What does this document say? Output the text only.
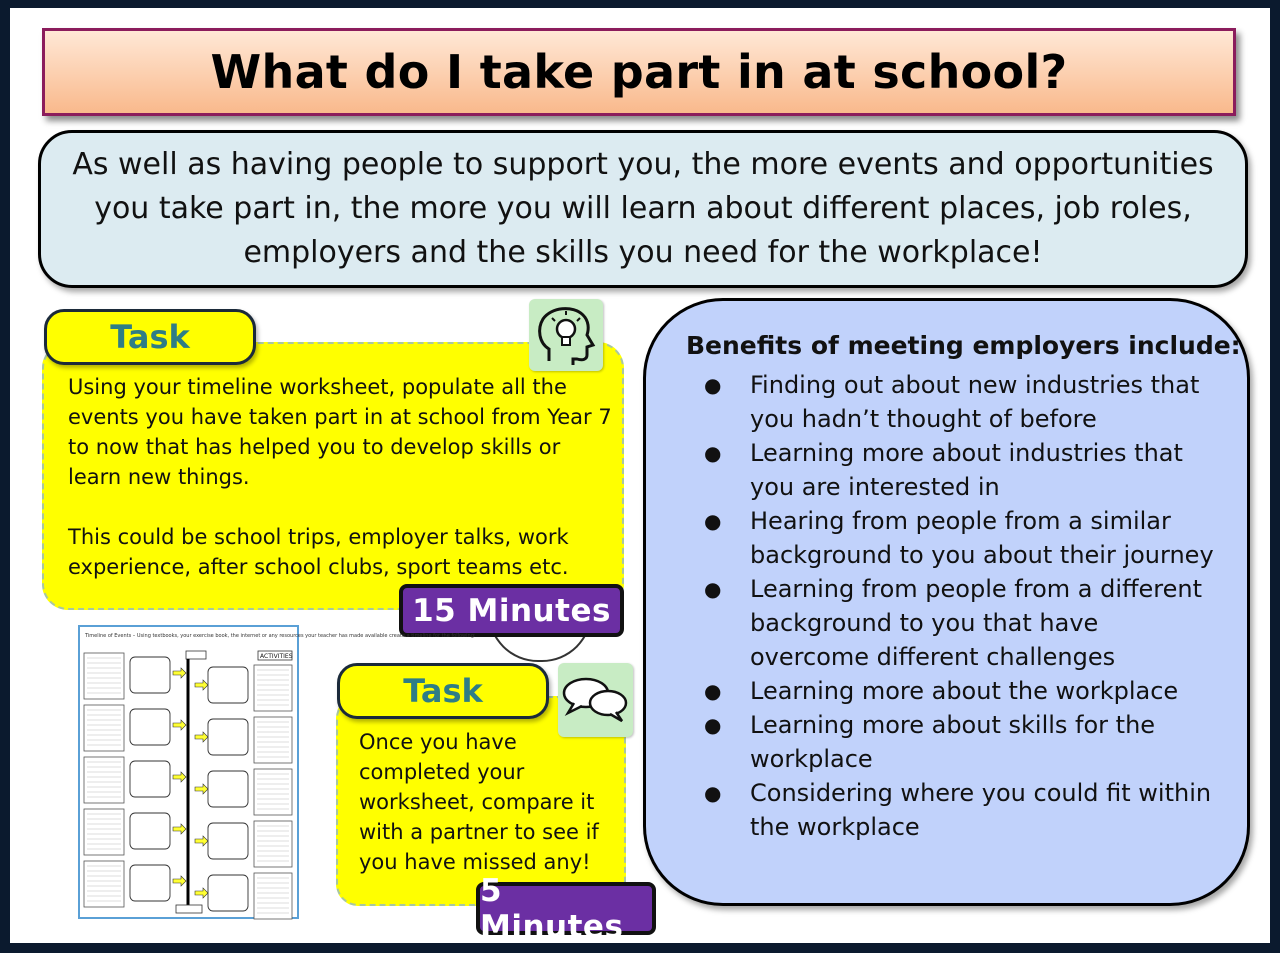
What do I take part in at school?
As well as having people to support you, the more events and opportunities you take part in, the more you will learn about different places, job roles, employers and the skills you need for the workplace!
Task

Using your timeline worksheet, populate all the events you have taken part in at school from Year 7 to now that has helped you to develop skills or learn new things.

This could be school trips, employer talks, work experience, after school clubs, sport teams etc.

15 Minutes
Timeline of Events – Using textbooks, your exercise book, the internet or any resources your teacher has made available create a timeline for the following:
ACTIVITIES
Task
Once you have completed your worksheet, compare it with a partner to see if you have missed any!
5 Minutes
Benefits of meeting employers include:
● Finding out about new industries that you hadn’t thought of before
● Learning more about industries that you are interested in
● Hearing from people from a similar background to you about their journey
● Learning from people from a different background to you that have overcome different challenges
● Learning more about the workplace
● Learning more about skills for the workplace
● Considering where you could fit within the workplace
